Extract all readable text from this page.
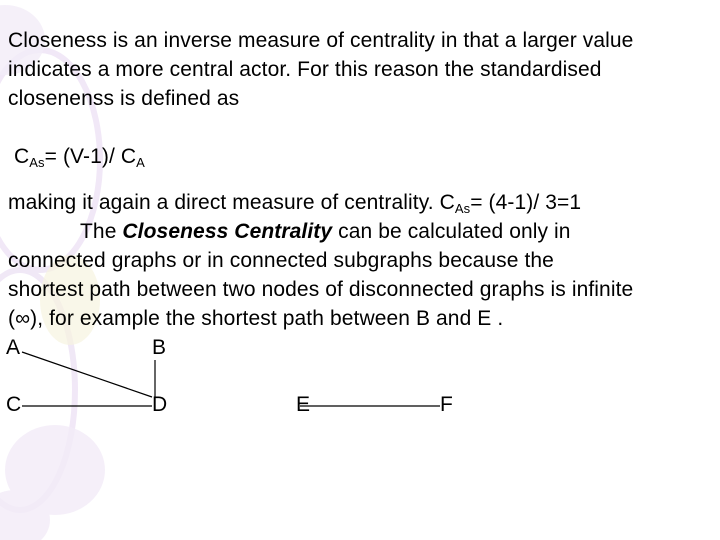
Closeness is an inverse measure of centrality in that a larger value
indicates a more central actor. For this reason the standardised
closenenss is defined as
$C_{As}= (V-1)/$ $C_A$
making it again a direct measure of centrality. $C_{As}= (4-1)/$ 3=1
The Closeness Centrality can be calculated only in
connected graphs or in connected subgraphs because the
shortest path between two nodes of disconnected graphs is infinite
(∞), for example the shortest path between B and E .
A	B
C	D	E	F
